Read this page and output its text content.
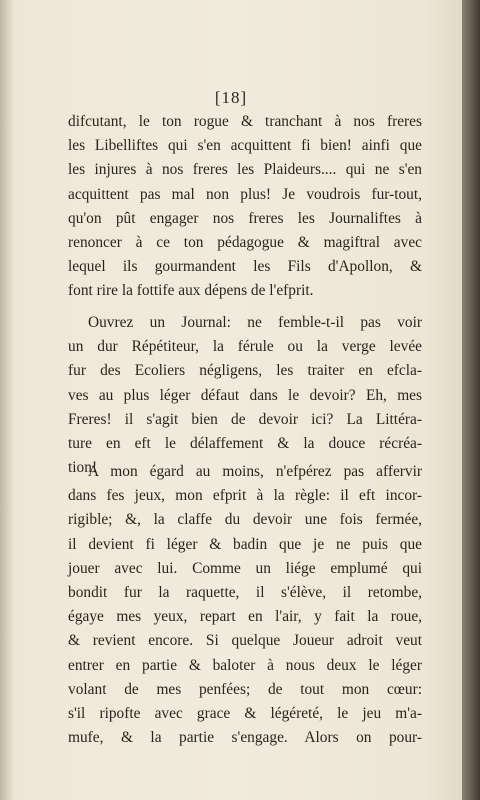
[18]
difcutant, le ton rogue & tranchant à nos freres
les Libelliftes qui s'en acquittent fi bien! ainfi que
les injures à nos freres les Plaideurs.... qui ne s'en
acquittent pas mal non plus! Je voudrois fur-tout,
qu'on pût engager nos freres les Journaliftes à
renoncer à ce ton pédagogue & magiftral avec
lequel ils gourmandent les Fils d'Apollon, &
font rire la fottife aux dépens de l'efprit.
Ouvrez un Journal: ne femble-t-il pas voir
un dur Répétiteur, la férule ou la verge levée
fur des Ecoliers négligens, les traiter en efcla-
ves au plus léger défaut dans le devoir? Eh, mes
Freres! il s'agit bien de devoir ici? La Littéra-
ture en eft le délaffement & la douce récréa-
tion!
A mon égard au moins, n'efpérez pas affervir
dans fes jeux, mon efprit à la règle: il eft incor-
rigible; &, la claffe du devoir une fois fermée,
il devient fi léger & badin que je ne puis que
jouer avec lui. Comme un liége emplumé qui
bondit fur la raquette, il s'élève, il retombe,
égaye mes yeux, repart en l'air, y fait la roue,
& revient encore. Si quelque Joueur adroit veut
entrer en partie & baloter à nous deux le léger
volant de mes penfées; de tout mon cœur:
s'il ripofte avec grace & légéreté, le jeu m'a-
mufe, & la partie s'engage. Alors on pour-
